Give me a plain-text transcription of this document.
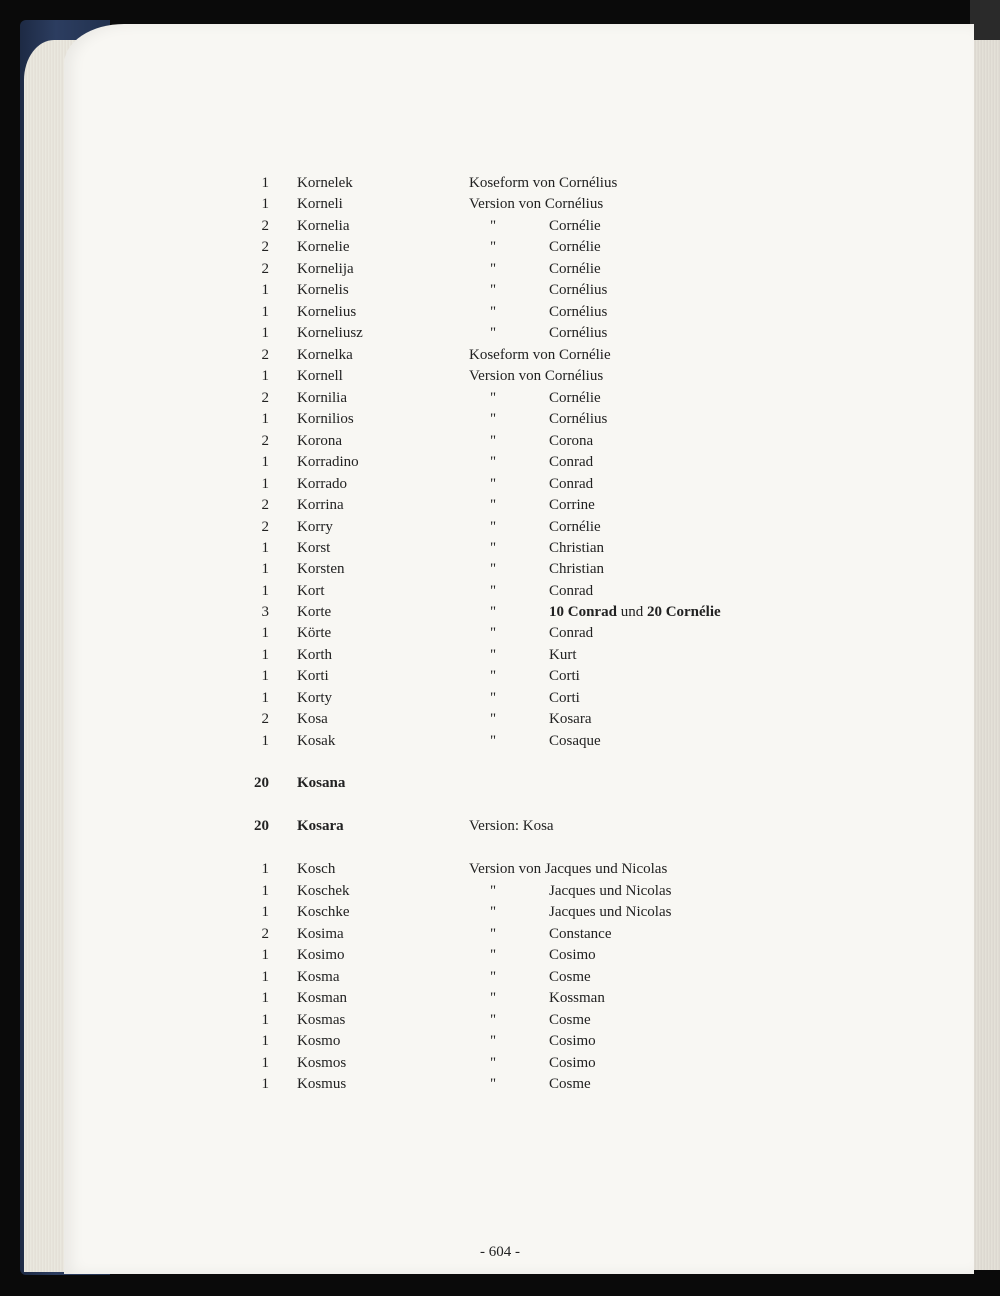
1 Kornelek	Koseform von Cornélius
1 Korneli	Version von Cornélius
2 Kornelia	"	Cornélie
2 Kornelie	"	Cornélie
2 Kornelija	"	Cornélie
1 Kornelis	"	Cornélius
1 Kornelius	"	Cornélius
1 Korneliusz	"	Cornélius
2 Kornelka	Koseform von Cornélie
1 Kornell	Version von Cornélius
2 Kornilia	"	Cornélie
1 Kornilios	"	Cornélius
2 Korona	"	Corona
1 Korradino	"	Conrad
1 Korrado	"	Conrad
2 Korrina	"	Corrine
2 Korry	"	Cornélie
1 Korst	"	Christian
1 Korsten	"	Christian
1 Kort	"	Conrad
3 Korte	"	10 Conrad und 20 Cornélie
1 Körte	"	Conrad
1 Korth	"	Kurt
1 Korti	"	Corti
1 Korty	"	Corti
2 Kosa	"	Kosara
1 Kosak	"	Cosaque
20 Kosana
20 Kosara	Version: Kosa
1 Kosch	Version von Jacques und Nicolas
1 Koschek	"	Jacques und Nicolas
1 Koschke	"	Jacques und Nicolas
2 Kosima	"	Constance
1 Kosimo	"	Cosimo
1 Kosma	"	Cosme
1 Kosman	"	Kossman
1 Kosmas	"	Cosme
1 Kosmo	"	Cosimo
1 Kosmos	"	Cosimo
1 Kosmus	"	Cosme
- 604 -
